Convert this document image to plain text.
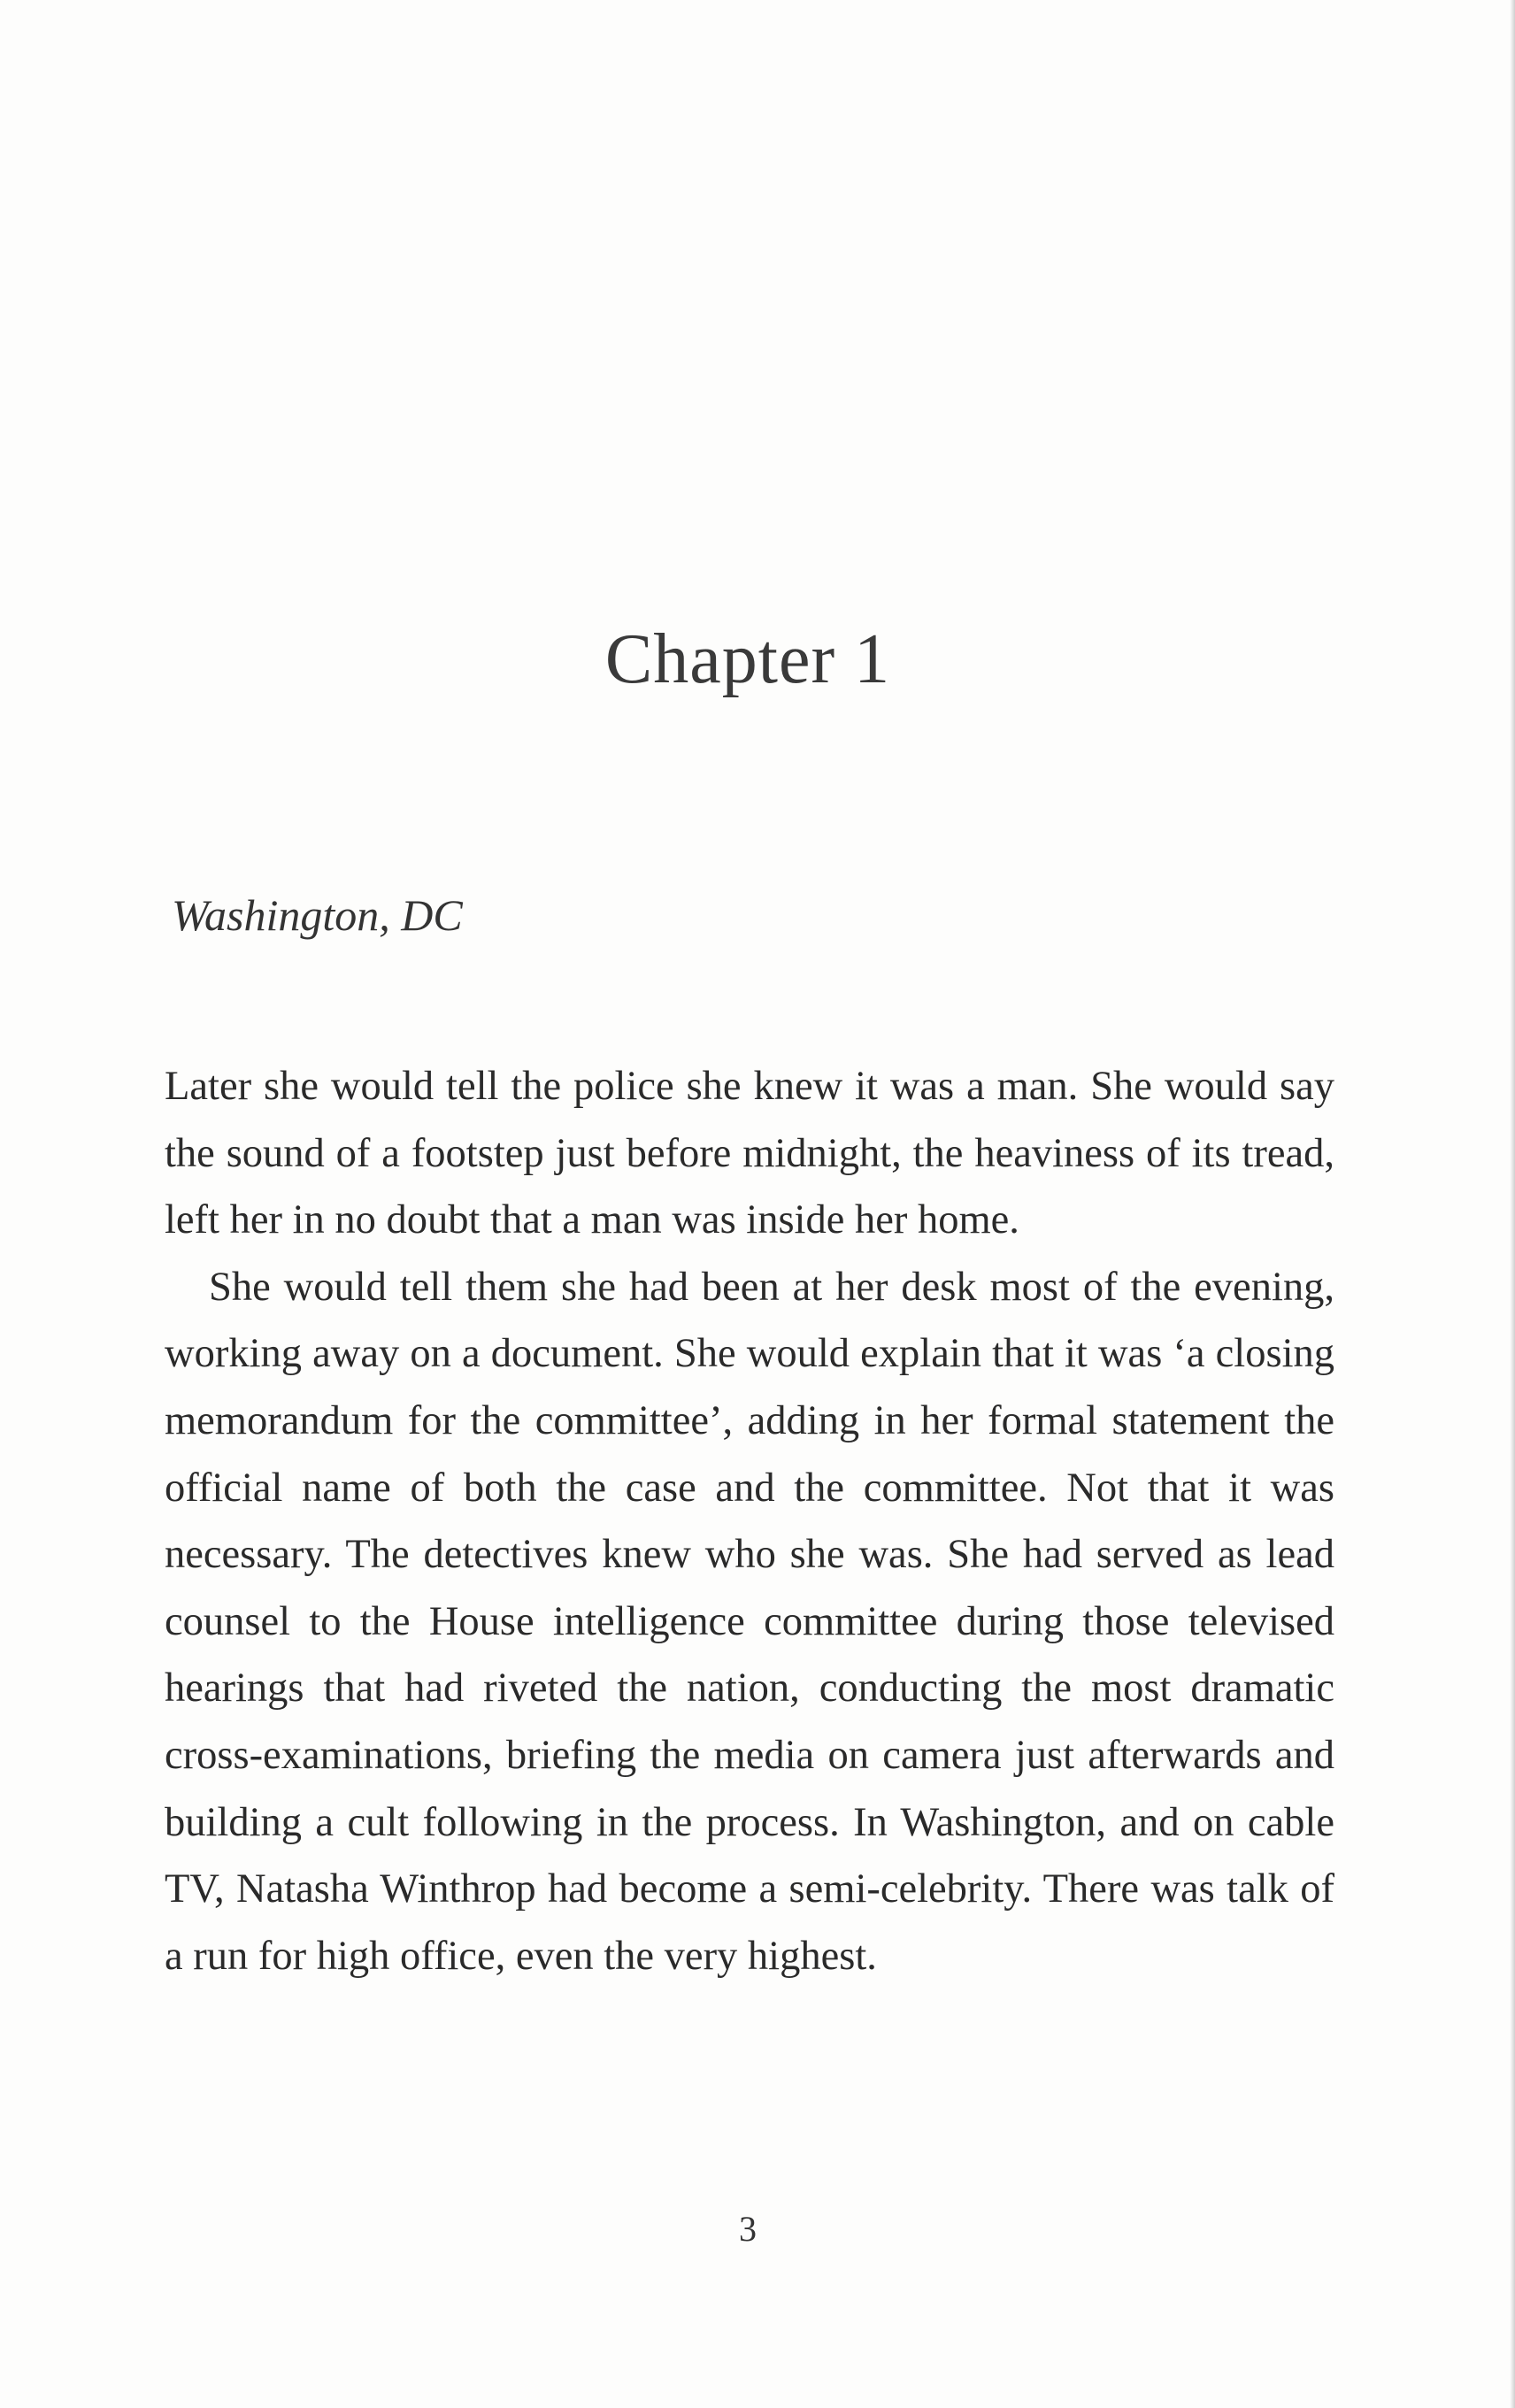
Chapter 1
Washington, DC

Later she would tell the police she knew it was a man. She would say the sound of a footstep just before midnight, the heaviness of its tread, left her in no doubt that a man was inside her home.

She would tell them she had been at her desk most of the evening, working away on a document. She would explain that it was ‘a closing memorandum for the committee’, adding in her formal statement the official name of both the case and the committee. Not that it was necessary. The detectives knew who she was. She had served as lead counsel to the House intelligence committee during those televised hearings that had riveted the nation, conducting the most dramatic cross-examinations, briefing the media on camera just afterwards and building a cult following in the process. In Washington, and on cable TV, Natasha Winthrop had become a semi-celebrity. There was talk of a run for high office, even the very highest.

3
